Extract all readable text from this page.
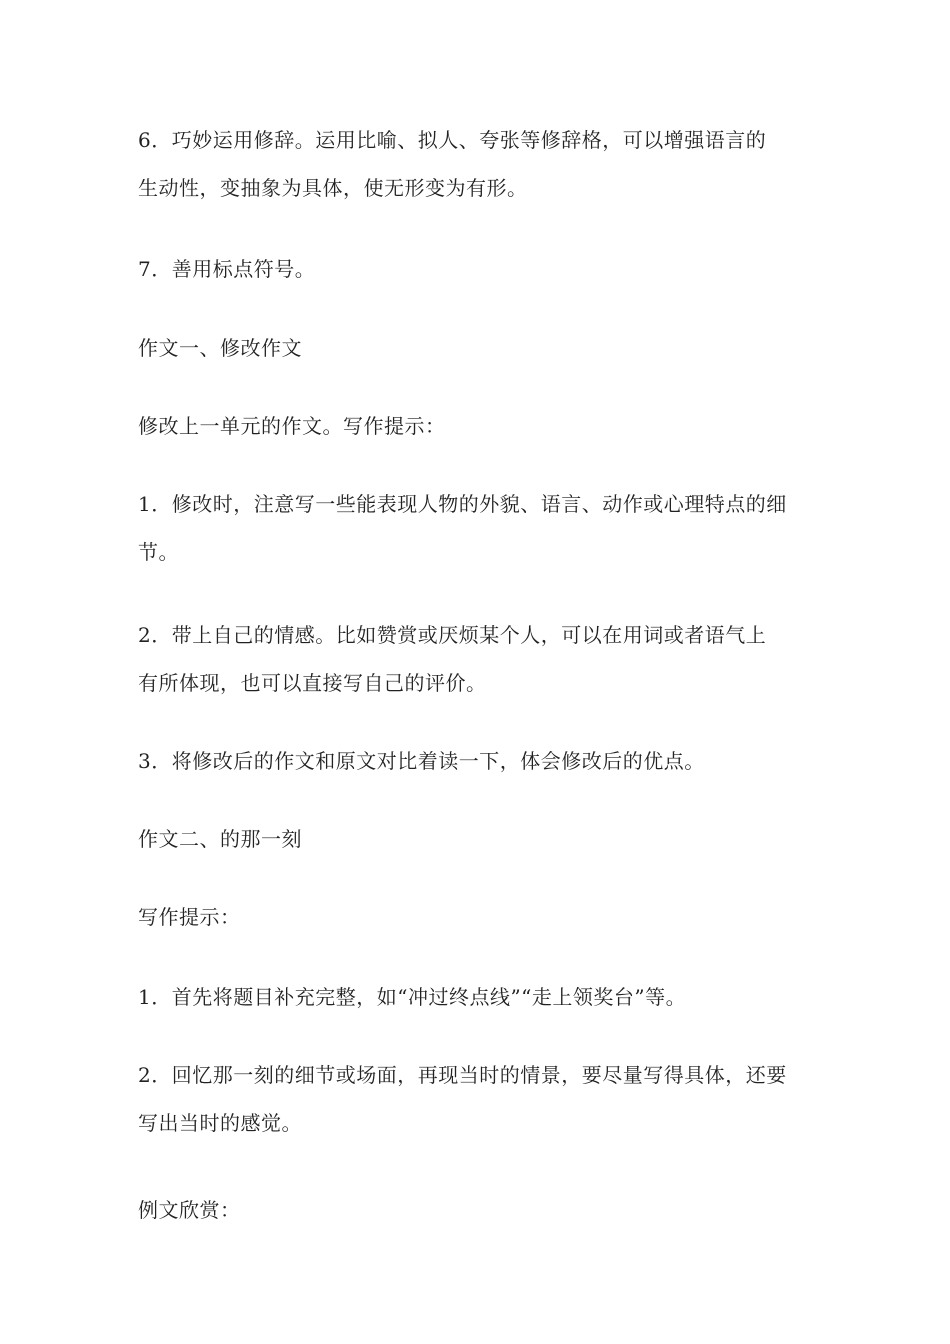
6．巧妙运用修辞。运用比喻、拟人、夸张等修辞格，可以增强语言的
生动性，变抽象为具体，使无形变为有形。
7．善用标点符号。
作文一、修改作文
修改上一单元的作文。写作提示：
1．修改时，注意写一些能表现人物的外貌、语言、动作或心理特点的细
节。
2．带上自己的情感。比如赞赏或厌烦某个人，可以在用词或者语气上
有所体现，也可以直接写自己的评价。
3．将修改后的作文和原文对比着读一下，体会修改后的优点。
作文二、的那一刻
写作提示：
1．首先将题目补充完整，如“冲过终点线”“走上领奖台”等。
2．回忆那一刻的细节或场面，再现当时的情景，要尽量写得具体，还要
写出当时的感觉。
例文欣赏：
